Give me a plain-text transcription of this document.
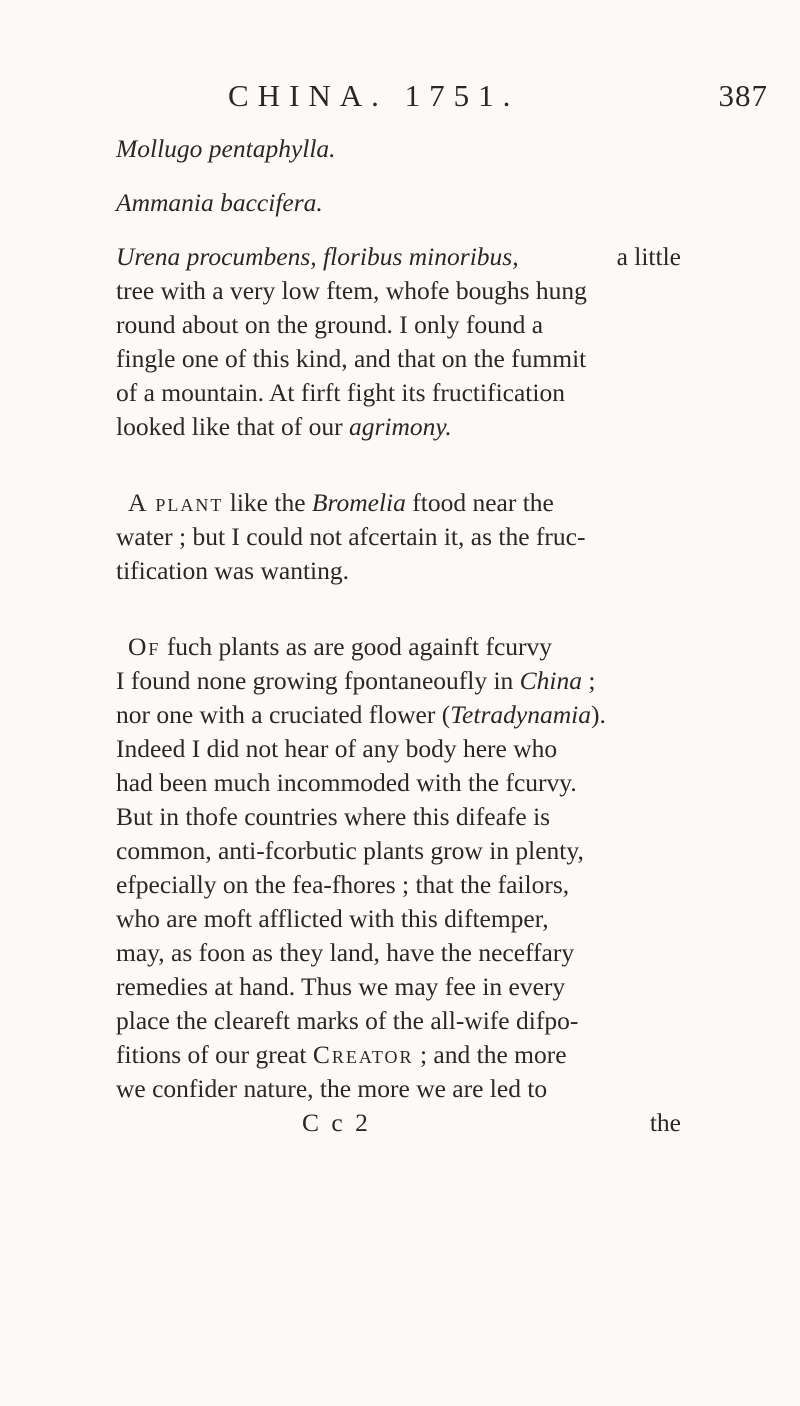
CHINA. 1751.	387
Mollugo pentaphylla.
Ammania baccifera.
Urena procumbens, floribus minoribus,	a little
tree with a very low ftem, whofe boughs hung
round about on the ground. I only found a
fingle one of this kind, and that on the fummit
of a mountain. At firft fight its fructification
looked like that of our agrimony.
A plant like the Bromelia ftood near the
water ; but I could not afcertain it, as the fruc-
tification was wanting.
Of fuch plants as are good againft fcurvy
I found none growing fpontaneoufly in China ;
nor one with a cruciated flower (Tetradynamia).
Indeed I did not hear of any body here who
had been much incommoded with the fcurvy.
But in thofe countries where this difeafe is
common, anti-fcorbutic plants grow in plenty,
efpecially on the fea-fhores ; that the failors,
who are moft afflicted with this diftemper,
may, as foon as they land, have the neceffary
remedies at hand. Thus we may fee in every
place the cleareft marks of the all-wife difpo-
fitions of our great Creator ; and the more
we confider nature, the more we are led to
C c 2	the
